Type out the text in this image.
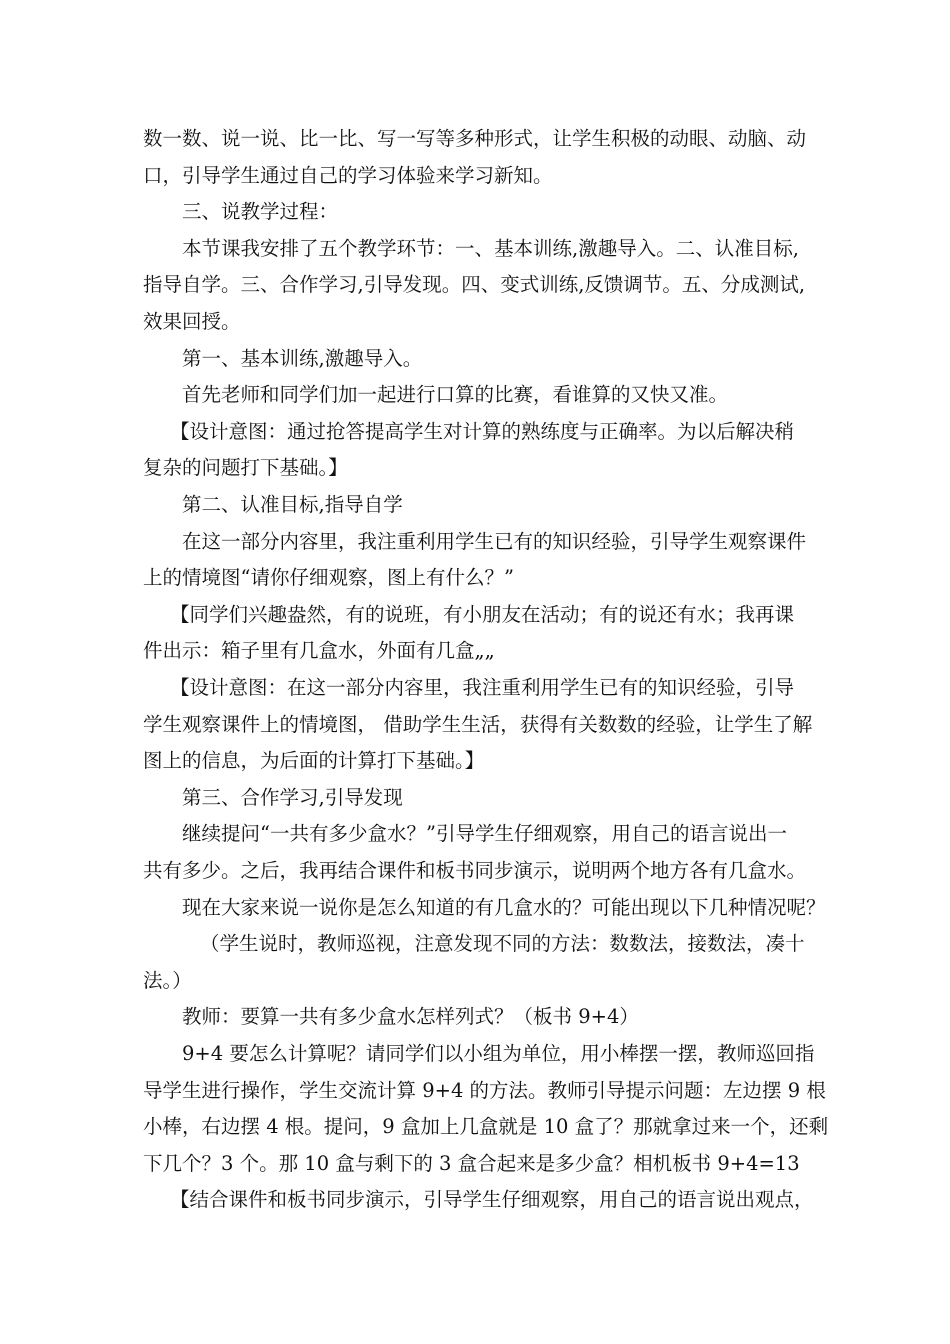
数一数、说一说、比一比、写一写等多种形式，让学生积极的动眼、动脑、动
口，引导学生通过自己的学习体验来学习新知。
三、说教学过程：
本节课我安排了五个教学环节：一、基本训练,激趣导入。二、认准目标,
指导自学。三、合作学习,引导发现。四、变式训练,反馈调节。五、分成测试,
效果回授。
第一、基本训练,激趣导入。
首先老师和同学们加一起进行口算的比赛，看谁算的又快又准。
【设计意图：通过抢答提高学生对计算的熟练度与正确率。为以后解决稍
复杂的问题打下基础。】
第二、认准目标,指导自学
在这一部分内容里，我注重利用学生已有的知识经验，引导学生观察课件
上的情境图“请你仔细观察，图上有什么？”
【同学们兴趣盎然，有的说班，有小朋友在活动；有的说还有水；我再课
件出示：箱子里有几盒水，外面有几盒„„
【设计意图：在这一部分内容里，我注重利用学生已有的知识经验，引导
学生观察课件上的情境图， 借助学生生活，获得有关数数的经验，让学生了解
图上的信息，为后面的计算打下基础。】
第三、合作学习,引导发现
继续提问“一共有多少盒水？”引导学生仔细观察，用自己的语言说出一
共有多少。之后，我再结合课件和板书同步演示，说明两个地方各有几盒水。
现在大家来说一说你是怎么知道的有几盒水的？可能出现以下几种情况呢？
（学生说时，教师巡视，注意发现不同的方法：数数法，接数法，凑十
法。）
教师：要算一共有多少盒水怎样列式？（板书 9+4）
9+4 要怎么计算呢？请同学们以小组为单位，用小棒摆一摆，教师巡回指
导学生进行操作，学生交流计算 9+4 的方法。教师引导提示问题：左边摆 9 根
小棒，右边摆 4 根。提问，9 盒加上几盒就是 10 盒了？那就拿过来一个，还剩
下几个？3 个。那 10 盒与剩下的 3 盒合起来是多少盒？相机板书 9+4=13
【结合课件和板书同步演示，引导学生仔细观察，用自己的语言说出观点，
